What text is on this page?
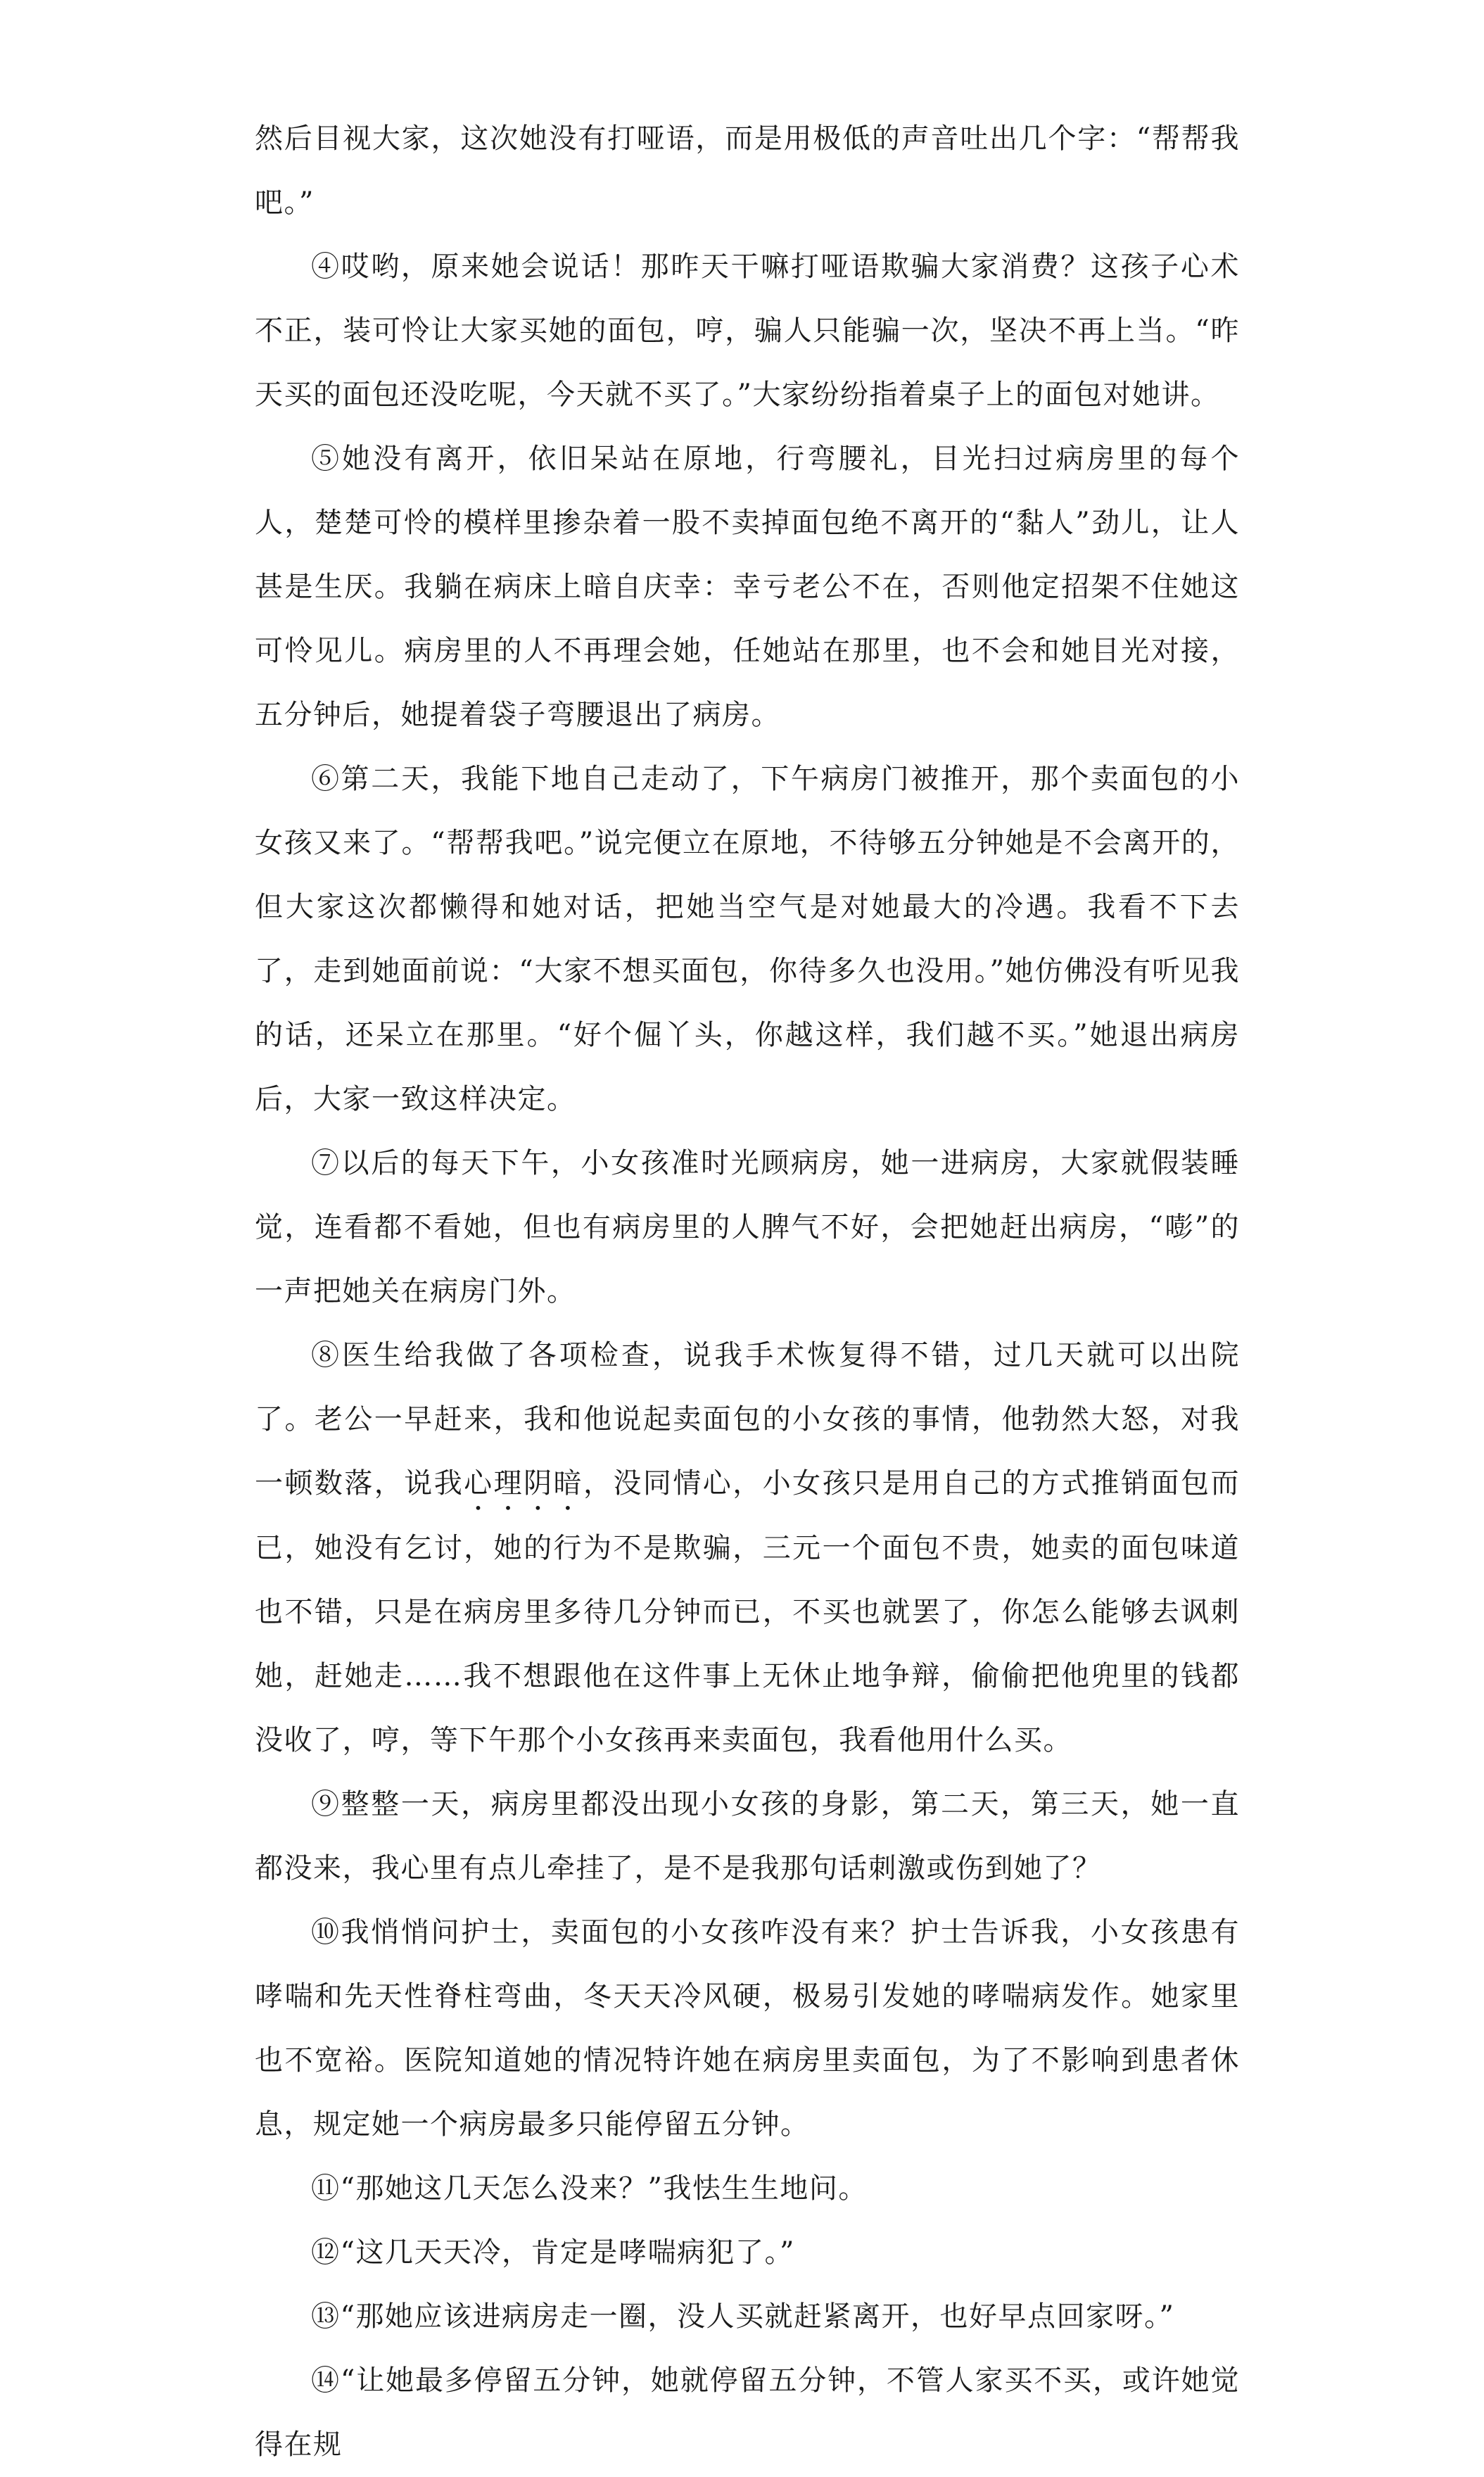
然后目视大家，这次她没有打哑语，而是用极低的声音吐出几个字：“帮帮我吧。”

④哎哟，原来她会说话！那昨天干嘛打哑语欺骗大家消费？这孩子心术不正，装可怜让大家买她的面包，哼，骗人只能骗一次，坚决不再上当。“昨天买的面包还没吃呢，今天就不买了。”大家纷纷指着桌子上的面包对她讲。

⑤她没有离开，依旧呆站在原地，行弯腰礼，目光扫过病房里的每个人，楚楚可怜的模样里掺杂着一股不卖掉面包绝不离开的“黏人”劲儿，让人甚是生厌。我躺在病床上暗自庆幸：幸亏老公不在，否则他定招架不住她这可怜见儿。病房里的人不再理会她，任她站在那里，也不会和她目光对接，五分钟后，她提着袋子弯腰退出了病房。

⑥第二天，我能下地自己走动了，下午病房门被推开，那个卖面包的小女孩又来了。“帮帮我吧。”说完便立在原地，不待够五分钟她是不会离开的，但大家这次都懒得和她对话，把她当空气是对她最大的冷遇。我看不下去了，走到她面前说：“大家不想买面包，你待多久也没用。”她仿佛没有听见我的话，还呆立在那里。“好个倔丫头，你越这样，我们越不买。”她退出病房后，大家一致这样决定。

⑦以后的每天下午，小女孩准时光顾病房，她一进病房，大家就假装睡觉，连看都不看她，但也有病房里的人脾气不好，会把她赶出病房，“嘭”的一声把她关在病房门外。

⑧医生给我做了各项检查，说我手术恢复得不错，过几天就可以出院了。老公一早赶来，我和他说起卖面包的小女孩的事情，他勃然大怒，对我一顿数落，说我心理阴暗，没同情心，小女孩只是用自己的方式推销面包而已，她没有乞讨，她的行为不是欺骗，三元一个面包不贵，她卖的面包味道也不错，只是在病房里多待几分钟而已，不买也就罢了，你怎么能够去讽刺她，赶她走……我不想跟他在这件事上无休止地争辩，偷偷把他兜里的钱都没收了，哼，等下午那个小女孩再来卖面包，我看他用什么买。

⑨整整一天，病房里都没出现小女孩的身影，第二天，第三天，她一直都没来，我心里有点儿牵挂了，是不是我那句话刺激或伤到她了？

⑩我悄悄问护士，卖面包的小女孩咋没有来？护士告诉我，小女孩患有哮喘和先天性脊柱弯曲，冬天天冷风硬，极易引发她的哮喘病发作。她家里也不宽裕。医院知道她的情况特许她在病房里卖面包，为了不影响到患者休息，规定她一个病房最多只能停留五分钟。

⑪“那她这几天怎么没来？”我怯生生地问。

⑫“这几天天冷，肯定是哮喘病犯了。”

⑬“那她应该进病房走一圈，没人买就赶紧离开，也好早点回家呀。”

⑭“让她最多停留五分钟，她就停留五分钟，不管人家买不买，或许她觉得在规
